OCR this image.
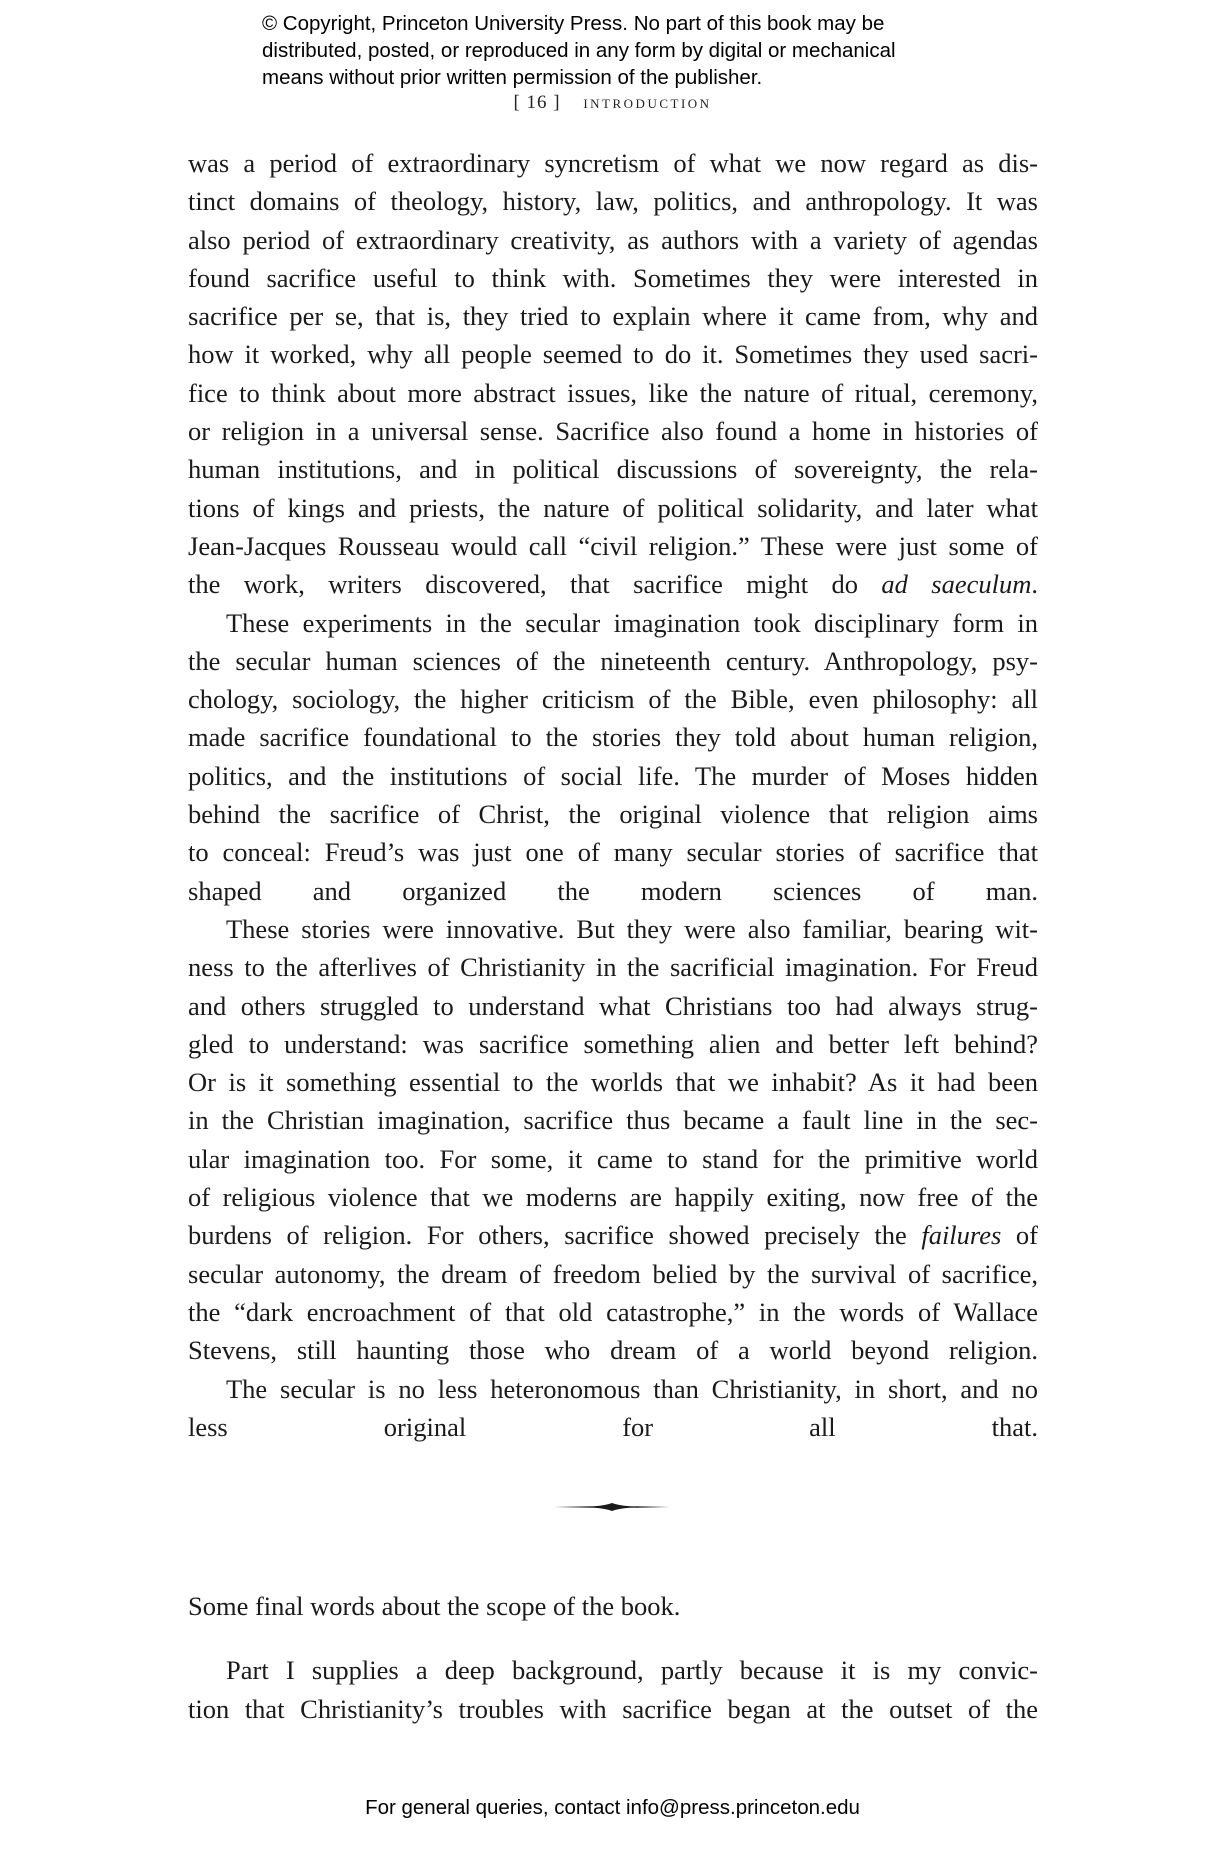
© Copyright, Princeton University Press. No part of this book may be
distributed, posted, or reproduced in any form by digital or mechanical
means without prior written permission of the publisher.
[ 16 ] introduction

was a period of extraordinary syncretism of what we now regard as dis-
tinct domains of theology, history, law, politics, and anthropology. It was
also period of extraordinary creativity, as authors with a variety of agendas
found sacrifice useful to think with. Sometimes they were interested in
sacrifice per se, that is, they tried to explain where it came from, why and
how it worked, why all people seemed to do it. Sometimes they used sacri-
fice to think about more abstract issues, like the nature of ritual, ceremony,
or religion in a universal sense. Sacrifice also found a home in histories of
human institutions, and in political discussions of sovereignty, the rela-
tions of kings and priests, the nature of political solidarity, and later what
Jean-Jacques Rousseau would call “civil religion.” These were just some of
the work, writers discovered, that sacrifice might do ad saeculum.

These experiments in the secular imagination took disciplinary form in
the secular human sciences of the nineteenth century. Anthropology, psy-
chology, sociology, the higher criticism of the Bible, even philosophy: all
made sacrifice foundational to the stories they told about human religion,
politics, and the institutions of social life. The murder of Moses hidden
behind the sacrifice of Christ, the original violence that religion aims
to conceal: Freud’s was just one of many secular stories of sacrifice that
shaped and organized the modern sciences of man.

These stories were innovative. But they were also familiar, bearing wit-
ness to the afterlives of Christianity in the sacrificial imagination. For Freud
and others struggled to understand what Christians too had always strug-
gled to understand: was sacrifice something alien and better left behind?
Or is it something essential to the worlds that we inhabit? As it had been
in the Christian imagination, sacrifice thus became a fault line in the sec-
ular imagination too. For some, it came to stand for the primitive world
of religious violence that we moderns are happily exiting, now free of the
burdens of religion. For others, sacrifice showed precisely the failures of
secular autonomy, the dream of freedom belied by the survival of sacrifice,
the “dark encroachment of that old catastrophe,” in the words of Wallace
Stevens, still haunting those who dream of a world beyond religion.

The secular is no less heteronomous than Christianity, in short, and no
less original for all that.

Some final words about the scope of the book.

Part I supplies a deep background, partly because it is my convic-
tion that Christianity’s troubles with sacrifice began at the outset of the

For general queries, contact info@press.princeton.edu
